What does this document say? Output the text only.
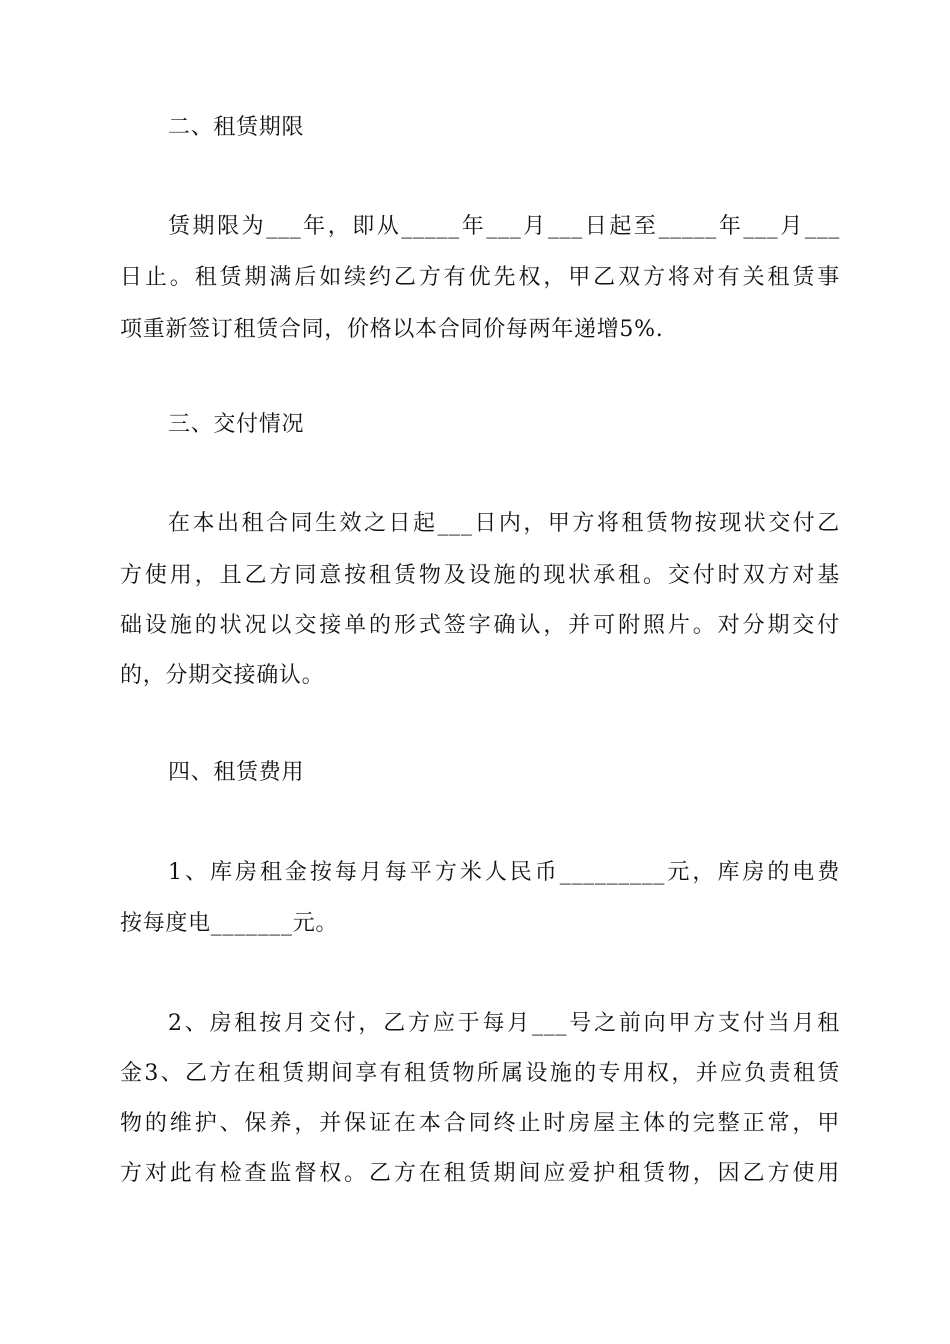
二、租赁期限
赁期限为___年，即从_____年___月___日起至_____年___月___
日止。租赁期满后如续约乙方有优先权，甲乙双方将对有关租赁事
项重新签订租赁合同，价格以本合同价每两年递增5%.
三、交付情况
在本出租合同生效之日起___日内，甲方将租赁物按现状交付乙
方使用，且乙方同意按租赁物及设施的现状承租。交付时双方对基
础设施的状况以交接单的形式签字确认，并可附照片。对分期交付
的，分期交接确认。
四、租赁费用
1、库房租金按每月每平方米人民币_________元，库房的电费
按每度电_______元。
2、房租按月交付，乙方应于每月___号之前向甲方支付当月租
金3、乙方在租赁期间享有租赁物所属设施的专用权，并应负责租赁
物的维护、保养，并保证在本合同终止时房屋主体的完整正常，甲
方对此有检查监督权。乙方在租赁期间应爱护租赁物，因乙方使用
